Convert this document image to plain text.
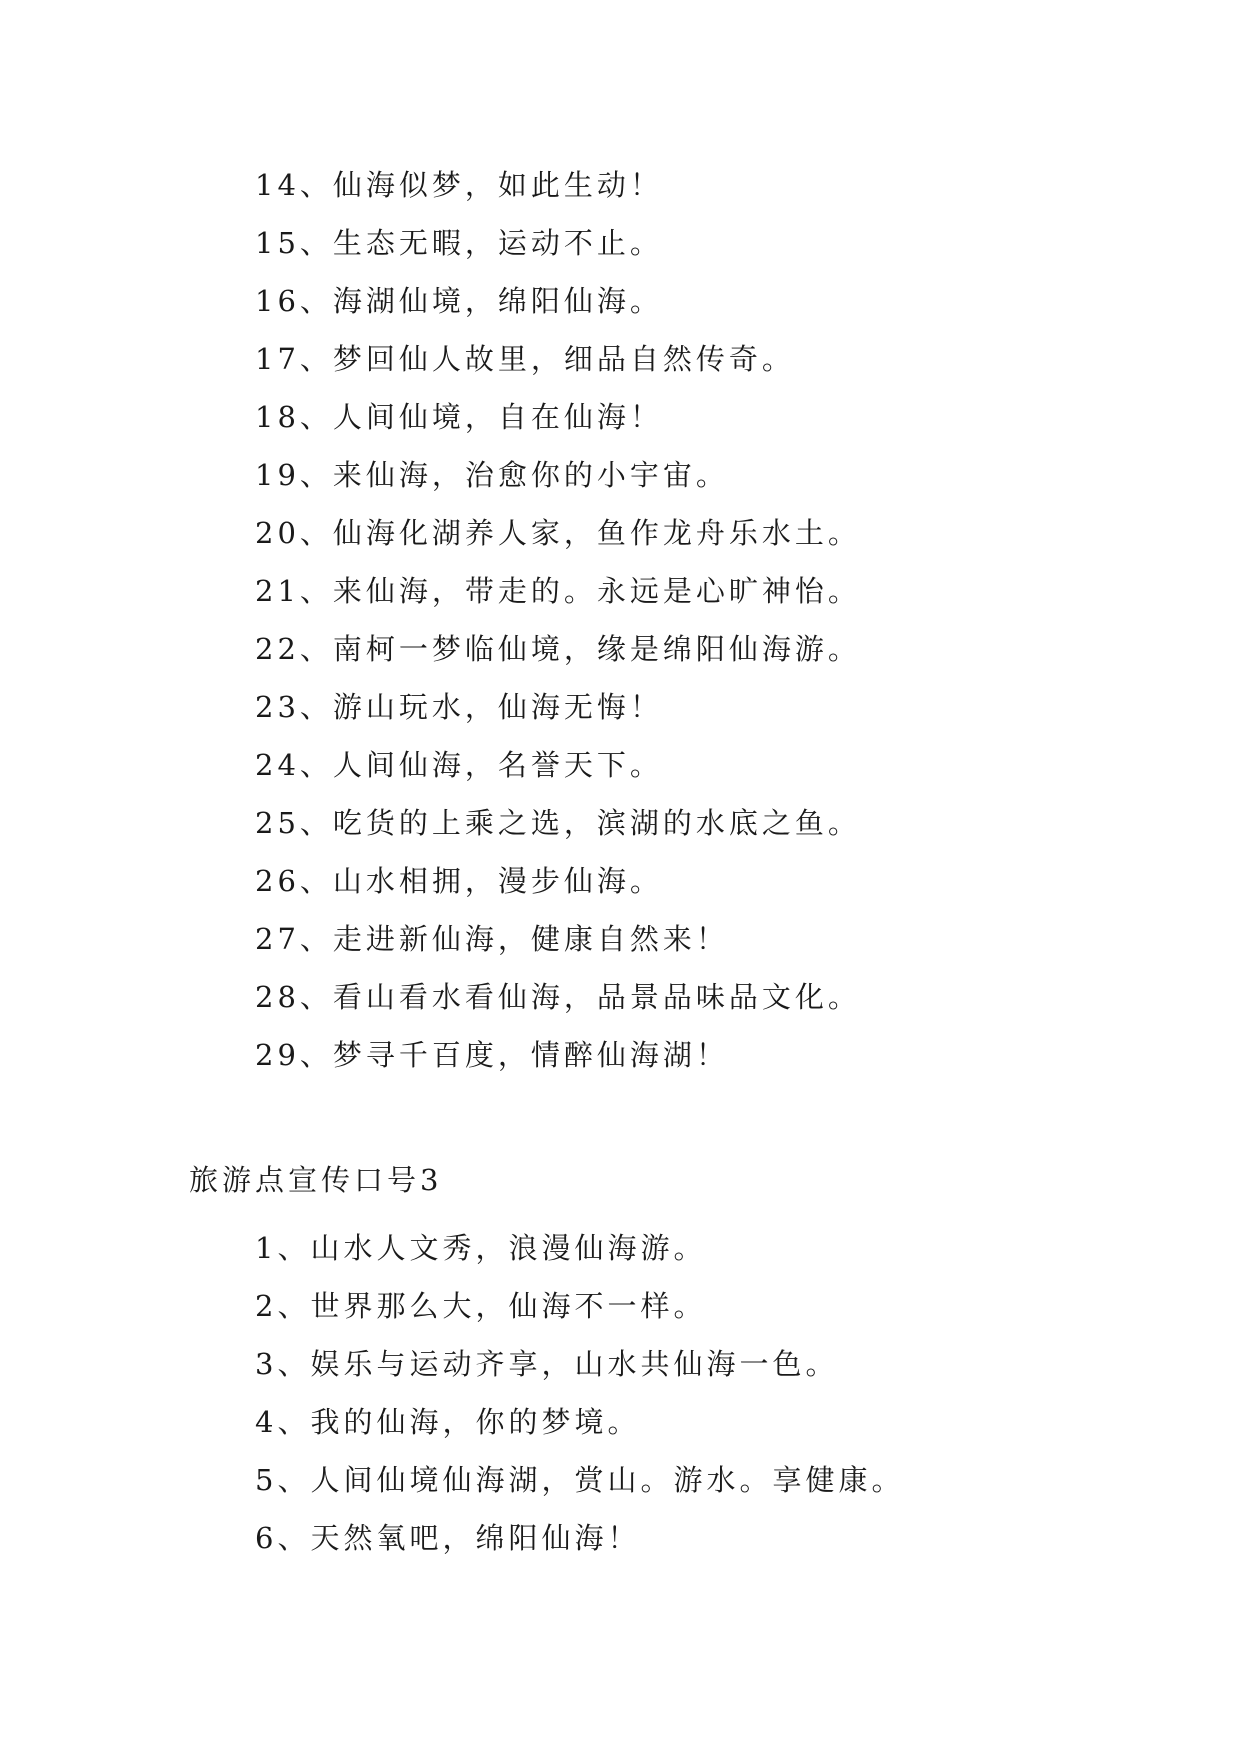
14、仙海似梦，如此生动！
15、生态无暇，运动不止。
16、海湖仙境，绵阳仙海。
17、梦回仙人故里，细品自然传奇。
18、人间仙境，自在仙海！
19、来仙海，治愈你的小宇宙。
20、仙海化湖养人家，鱼作龙舟乐水土。
21、来仙海，带走的。永远是心旷神怡。
22、南柯一梦临仙境，缘是绵阳仙海游。
23、游山玩水，仙海无悔！
24、人间仙海，名誉天下。
25、吃货的上乘之选，滨湖的水底之鱼。
26、山水相拥，漫步仙海。
27、走进新仙海，健康自然来！
28、看山看水看仙海，品景品味品文化。
29、梦寻千百度，情醉仙海湖！
旅游点宣传口号3
1、山水人文秀，浪漫仙海游。
2、世界那么大，仙海不一样。
3、娱乐与运动齐享，山水共仙海一色。
4、我的仙海，你的梦境。
5、人间仙境仙海湖，赏山。游水。享健康。
6、天然氧吧，绵阳仙海！
